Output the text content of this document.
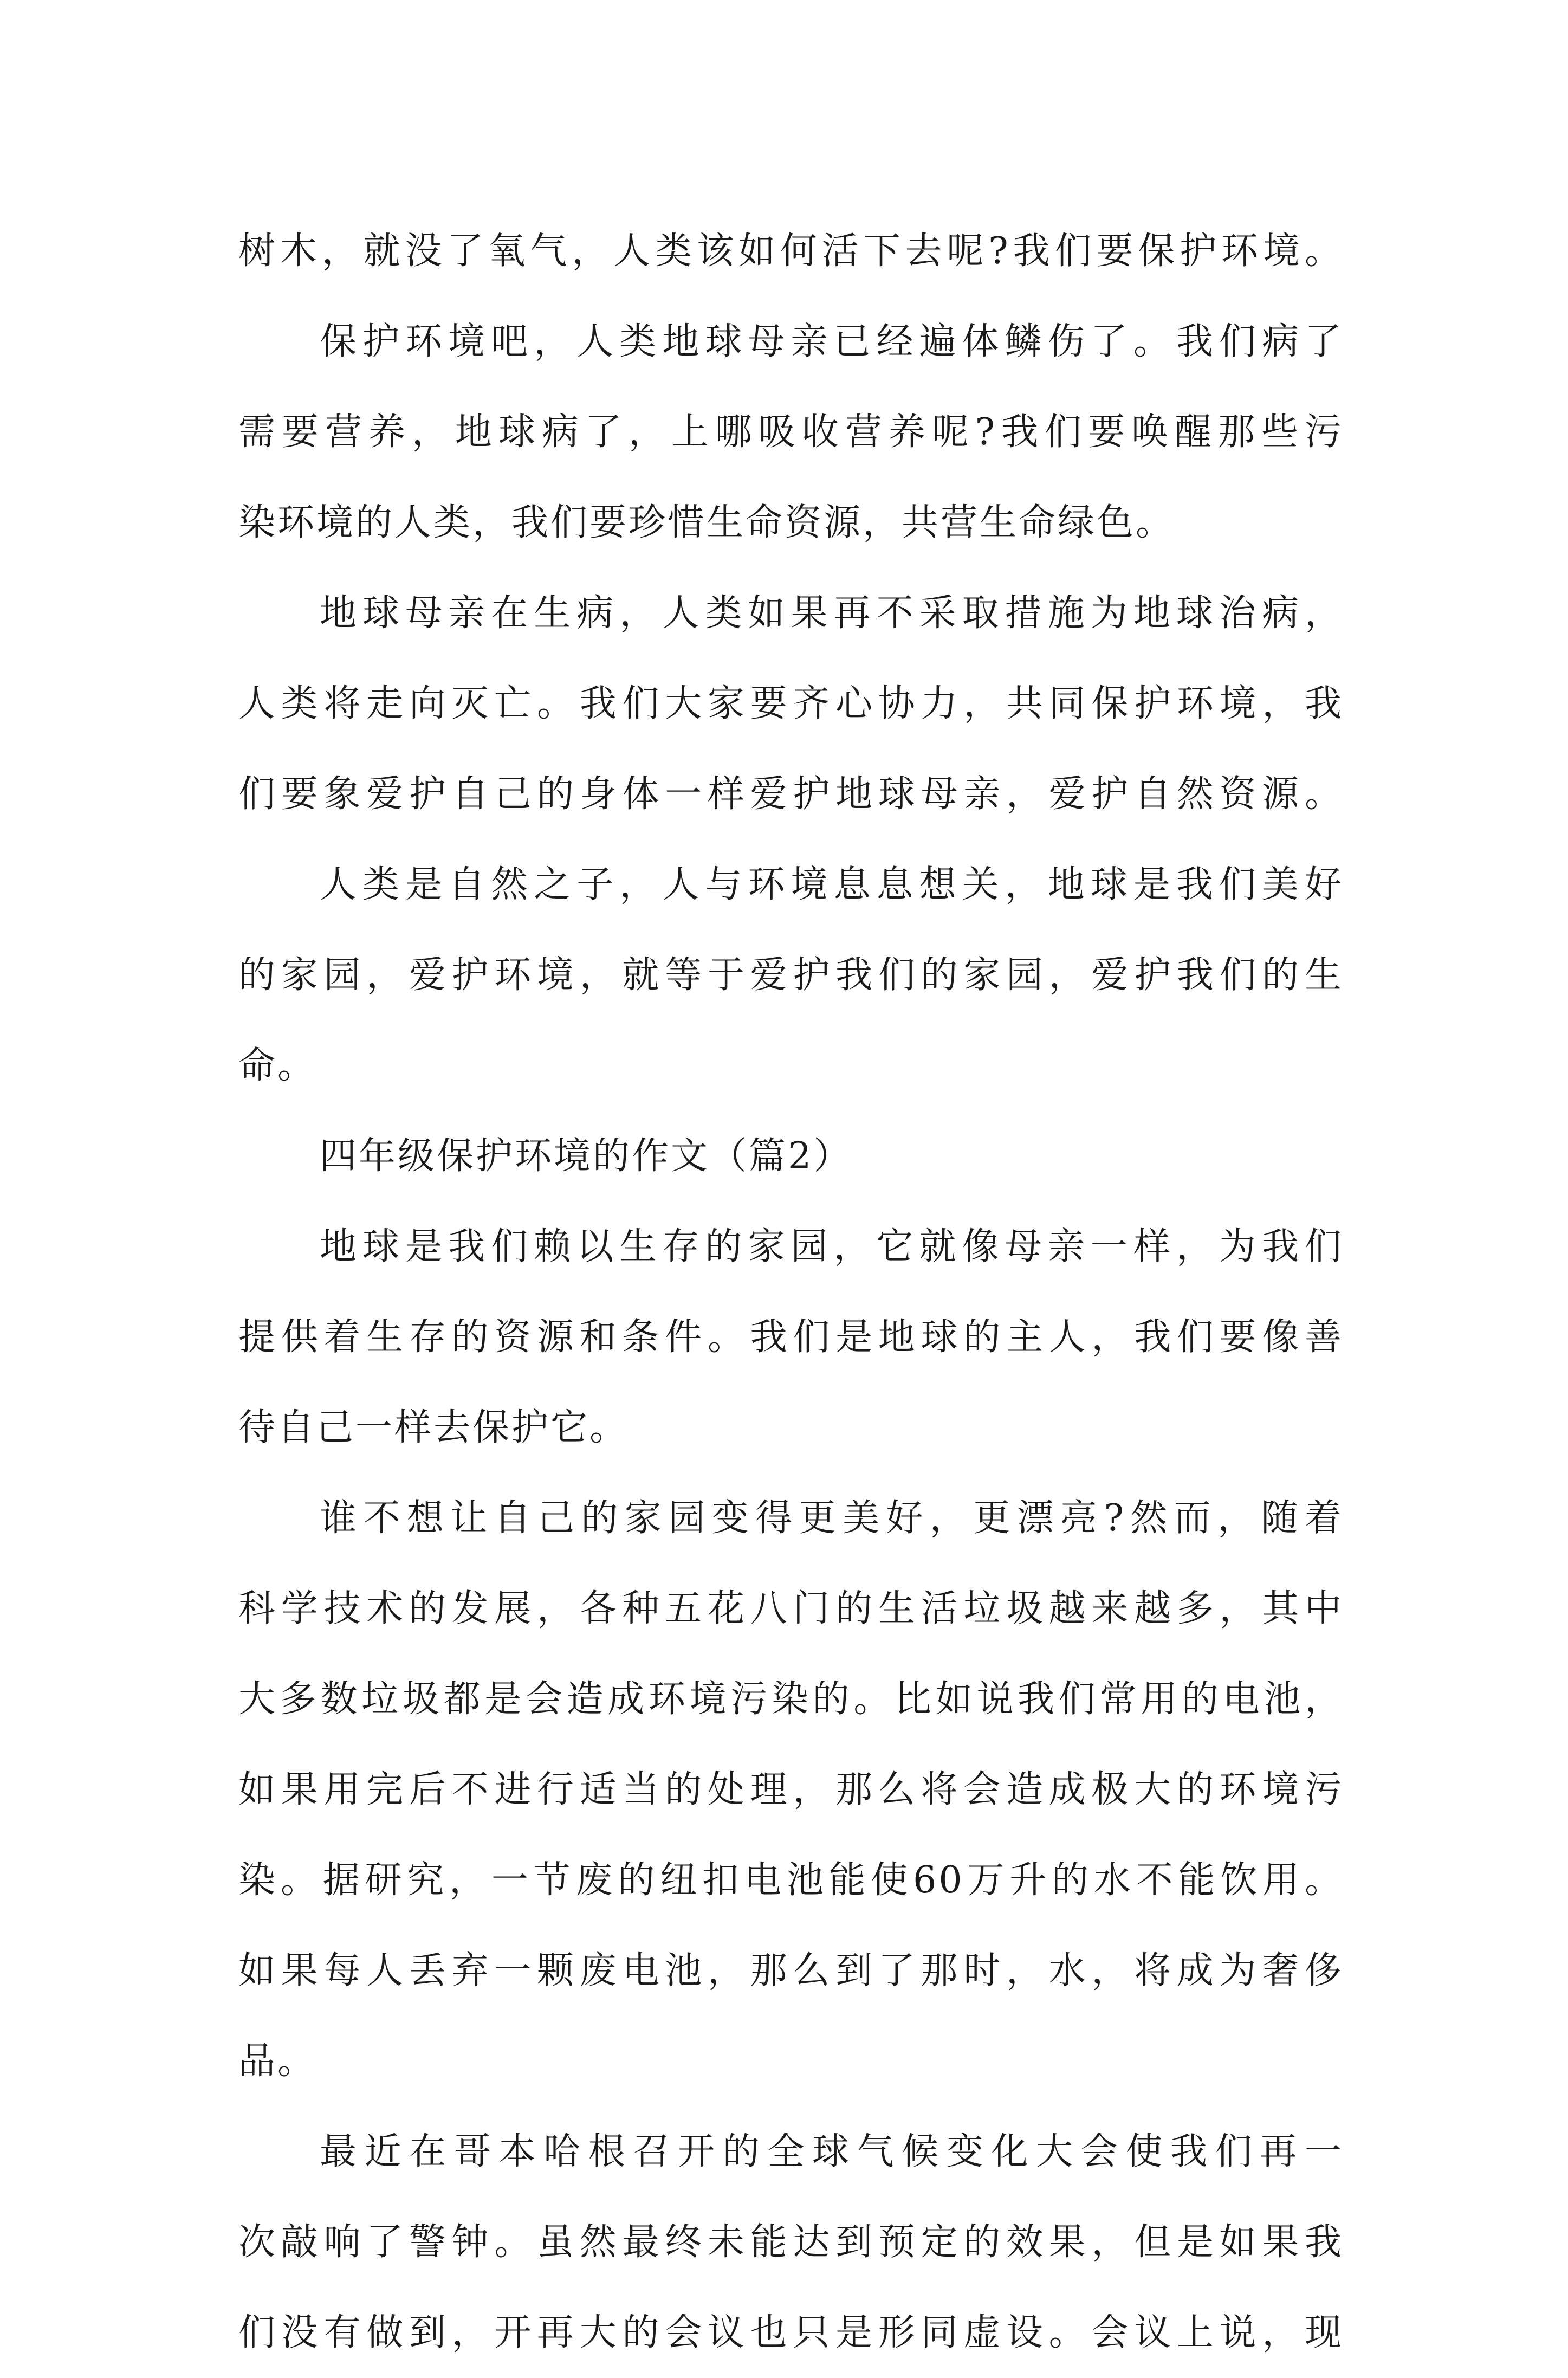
树木，就没了氧气，人类该如何活下去呢?我们要保护环境。
保护环境吧，人类地球母亲已经遍体鳞伤了。我们病了
需要营养，地球病了，上哪吸收营养呢?我们要唤醒那些污
染环境的人类，我们要珍惜生命资源，共营生命绿色。
地球母亲在生病，人类如果再不采取措施为地球治病，
人类将走向灭亡。我们大家要齐心协力，共同保护环境，我
们要象爱护自己的身体一样爱护地球母亲，爱护自然资源。
人类是自然之子，人与环境息息想关，地球是我们美好
的家园，爱护环境，就等于爱护我们的家园，爱护我们的生
命。
四年级保护环境的作文（篇2）
地球是我们赖以生存的家园，它就像母亲一样，为我们
提供着生存的资源和条件。我们是地球的主人，我们要像善
待自己一样去保护它。
谁不想让自己的家园变得更美好，更漂亮?然而，随着
科学技术的发展，各种五花八门的生活垃圾越来越多，其中
大多数垃圾都是会造成环境污染的。比如说我们常用的电池，
如果用完后不进行适当的处理，那么将会造成极大的环境污
染。据研究，一节废的纽扣电池能使60万升的水不能饮用。
如果每人丢弃一颗废电池，那么到了那时，水，将成为奢侈
品。
最近在哥本哈根召开的全球气候变化大会使我们再一
次敲响了警钟。虽然最终未能达到预定的效果，但是如果我
们没有做到，开再大的会议也只是形同虚设。会议上说，现
